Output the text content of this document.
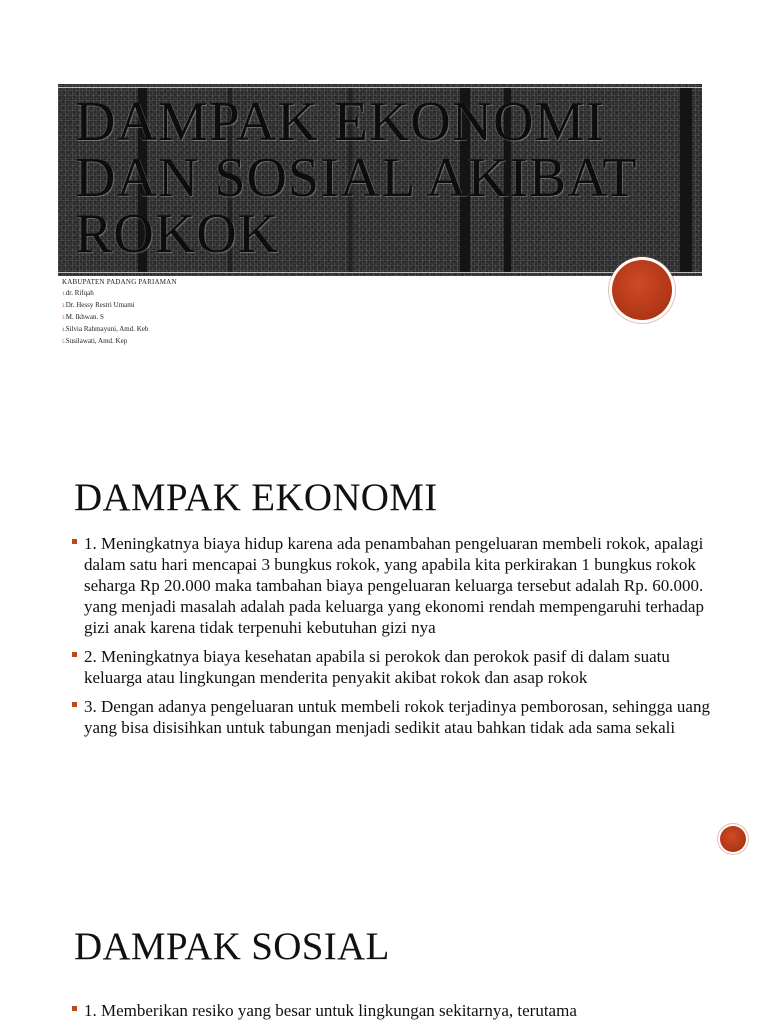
DAMPAK EKONOMI
DAN SOSIAL AKIBAT
ROKOK
KABUPATEN PADANG PARIAMAN
1.dr. Rifqah
2.Dr. Hessy Restri Umami
3.M. Ikhwan. S
4.Silvia Rahmayuni, Amd. Keb
5.Susilawati, Amd. Kep
DAMPAK EKONOMI
1. Meningkatnya biaya hidup karena ada penambahan pengeluaran membeli rokok, apalagi dalam satu hari mencapai 3 bungkus rokok, yang apabila kita perkirakan 1 bungkus rokok seharga Rp 20.000 maka tambahan biaya pengeluaran keluarga tersebut adalah Rp. 60.000. yang menjadi masalah adalah pada keluarga yang ekonomi rendah mempengaruhi terhadap gizi anak karena tidak terpenuhi kebutuhan gizi nya
2. Meningkatnya biaya kesehatan apabila si perokok dan perokok pasif di dalam suatu keluarga atau lingkungan menderita penyakit akibat rokok dan asap rokok
3. Dengan adanya pengeluaran untuk membeli rokok terjadinya pemborosan, sehingga uang yang bisa disisihkan untuk tabungan menjadi sedikit atau bahkan tidak ada sama sekali
DAMPAK SOSIAL
1. Memberikan resiko yang besar untuk lingkungan sekitarnya, terutama
